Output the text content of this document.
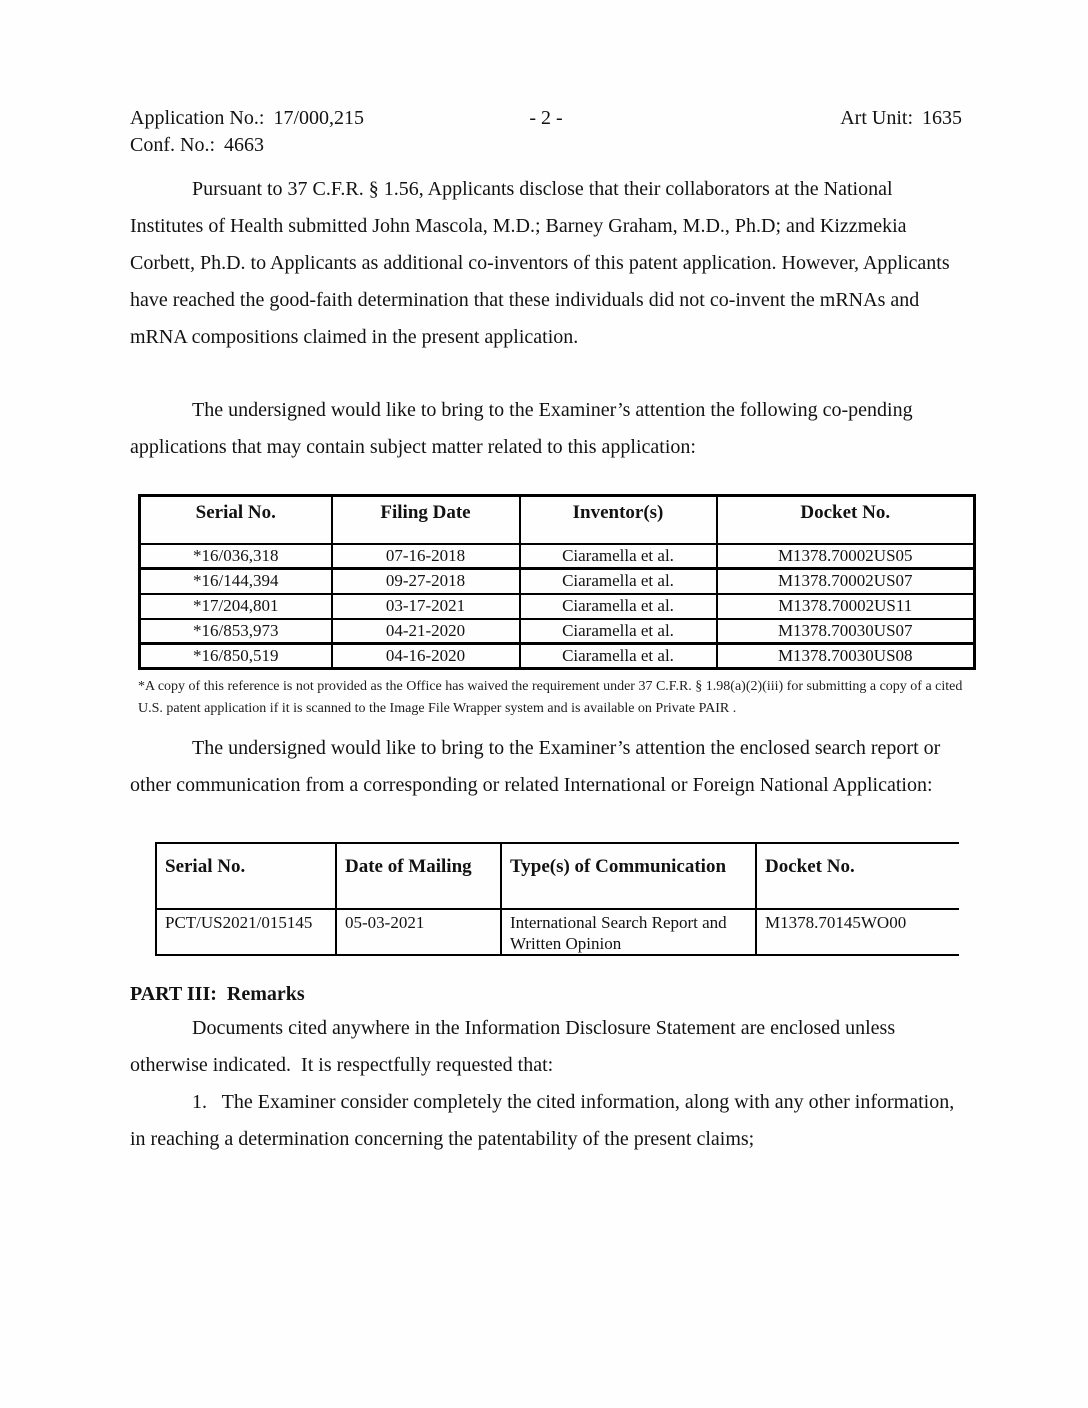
Application No.: 17/000,215	- 2 -	Art Unit: 1635
Conf. No.: 4663

Pursuant to 37 C.F.R. § 1.56, Applicants disclose that their collaborators at the National Institutes of Health submitted John Mascola, M.D.; Barney Graham, M.D., Ph.D; and Kizzmekia Corbett, Ph.D. to Applicants as additional co-inventors of this patent application. However, Applicants have reached the good-faith determination that these individuals did not co-invent the mRNAs and mRNA compositions claimed in the present application.

The undersigned would like to bring to the Examiner’s attention the following co-pending applications that may contain subject matter related to this application:

Serial No.	Filing Date	Inventor(s)	Docket No.
*16/036,318	07-16-2018	Ciaramella et al.	M1378.70002US05
*16/144,394	09-27-2018	Ciaramella et al.	M1378.70002US07
*17/204,801	03-17-2021	Ciaramella et al.	M1378.70002US11
*16/853,973	04-21-2020	Ciaramella et al.	M1378.70030US07
*16/850,519	04-16-2020	Ciaramella et al.	M1378.70030US08
*A copy of this reference is not provided as the Office has waived the requirement under 37 C.F.R. § 1.98(a)(2)(iii) for submitting a copy of a cited U.S. patent application if it is scanned to the Image File Wrapper system and is available on Private PAIR .

The undersigned would like to bring to the Examiner’s attention the enclosed search report or other communication from a corresponding or related International or Foreign National Application:

Serial No.	Date of Mailing	Type(s) of Communication	Docket No.
PCT/US2021/015145	05-03-2021	International Search Report and Written Opinion	M1378.70145WO00
PART III:  Remarks

Documents cited anywhere in the Information Disclosure Statement are enclosed unless otherwise indicated.  It is respectfully requested that:

1.   The Examiner consider completely the cited information, along with any other information, in reaching a determination concerning the patentability of the present claims;
